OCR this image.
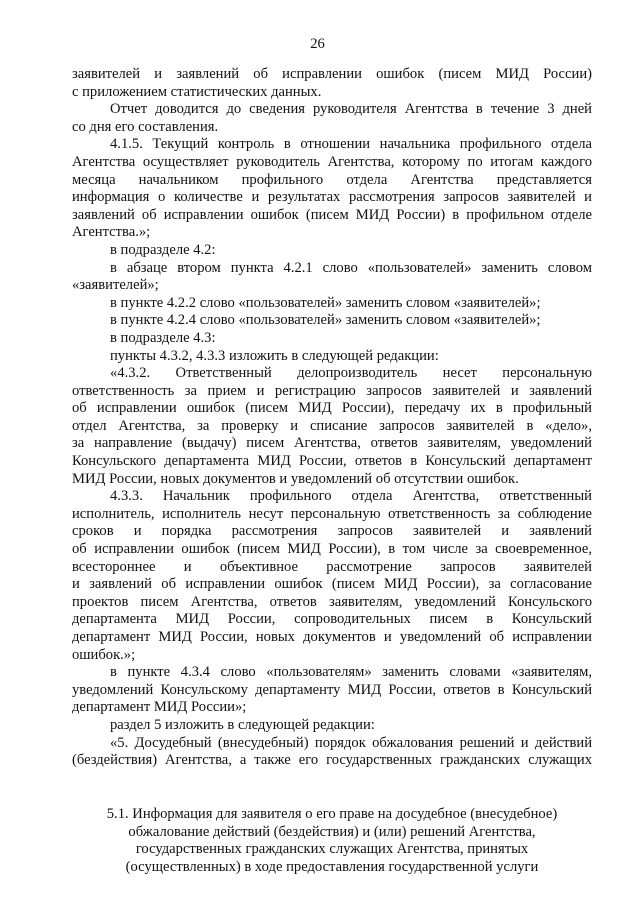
26
заявителей и заявлений об исправлении ошибок (писем МИД России)
с приложением статистических данных.
Отчет доводится до сведения руководителя Агентства в течение 3 дней
со дня его составления.
4.1.5. Текущий контроль в отношении начальника профильного отдела
Агентства осуществляет руководитель Агентства, которому по итогам каждого
месяца начальником профильного отдела Агентства представляется
информация о количестве и результатах рассмотрения запросов заявителей и
заявлений об исправлении ошибок (писем МИД России) в профильном отделе
Агентства.»;
в подразделе 4.2:
в абзаце втором пункта 4.2.1 слово «пользователей» заменить словом
«заявителей»;
в пункте 4.2.2 слово «пользователей» заменить словом «заявителей»;
в пункте 4.2.4 слово «пользователей» заменить словом «заявителей»;
в подразделе 4.3:
пункты 4.3.2, 4.3.3 изложить в следующей редакции:
«4.3.2. Ответственный делопроизводитель несет персональную
ответственность за прием и регистрацию запросов заявителей и заявлений
об исправлении ошибок (писем МИД России), передачу их в профильный
отдел Агентства, за проверку и списание запросов заявителей в «дело»,
за направление (выдачу) писем Агентства, ответов заявителям, уведомлений
Консульского департамента МИД России, ответов в Консульский департамент
МИД России, новых документов и уведомлений об отсутствии ошибок.
4.3.3. Начальник профильного отдела Агентства, ответственный
исполнитель, исполнитель несут персональную ответственность за соблюдение
сроков и порядка рассмотрения запросов заявителей и заявлений
об исправлении ошибок (писем МИД России), в том числе за своевременное,
всестороннее и объективное рассмотрение запросов заявителей
и заявлений об исправлении ошибок (писем МИД России), за согласование
проектов писем Агентства, ответов заявителям, уведомлений Консульского
департамента МИД России, сопроводительных писем в Консульский
департамент МИД России, новых документов и уведомлений об исправлении
ошибок.»;
в пункте 4.3.4 слово «пользователям» заменить словами «заявителям,
уведомлений Консульскому департаменту МИД России, ответов в Консульский
департамент МИД России»;
раздел 5 изложить в следующей редакции:
«5. Досудебный (внесудебный) порядок обжалования решений и действий
(бездействия) Агентства, а также его государственных гражданских служащих
5.1. Информация для заявителя о его праве на досудебное (внесудебное)
обжалование действий (бездействия) и (или) решений Агентства,
государственных гражданских служащих Агентства, принятых
(осуществленных) в ходе предоставления государственной услуги
